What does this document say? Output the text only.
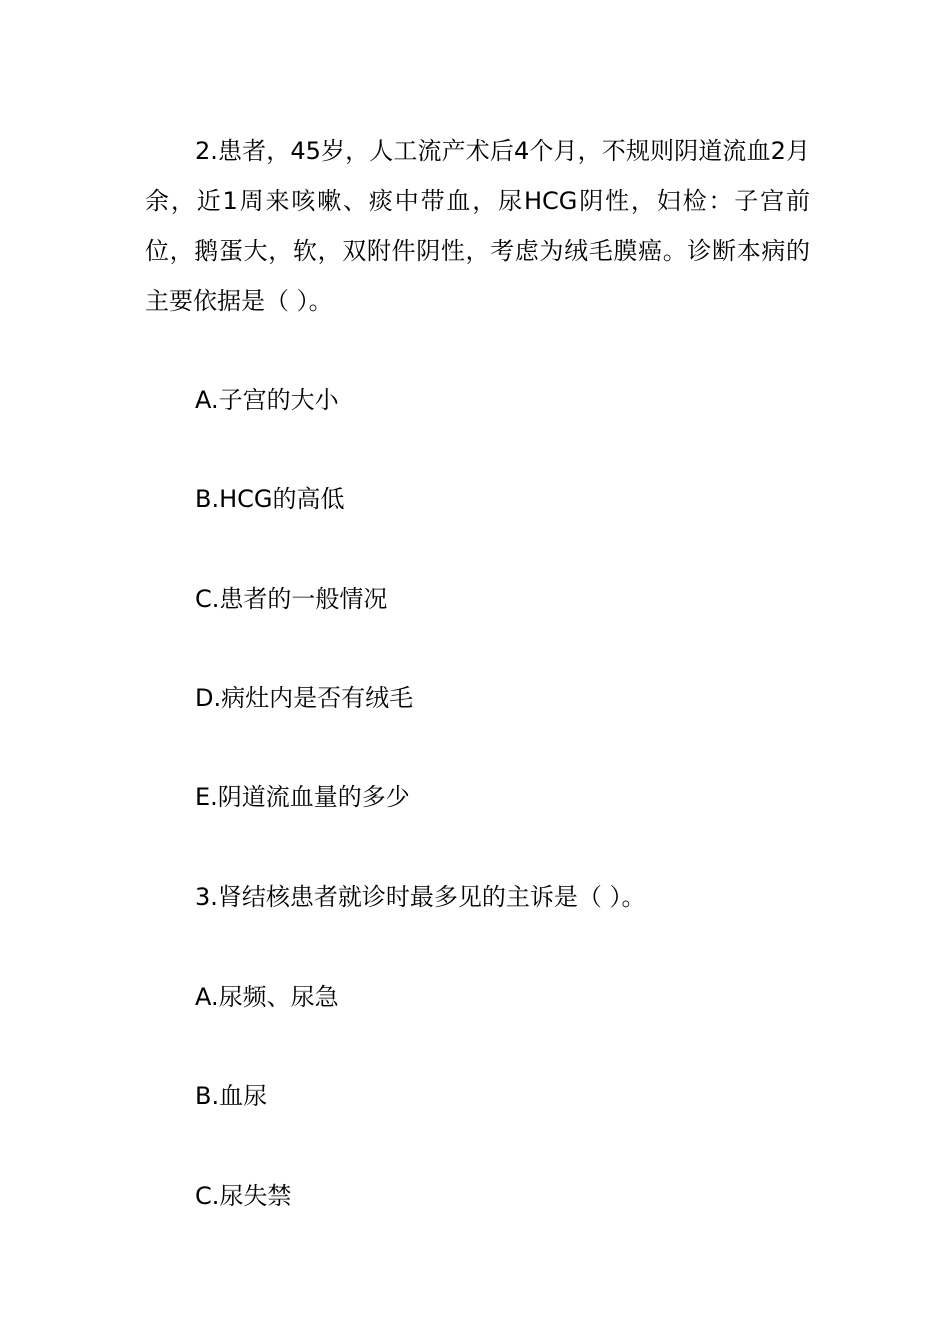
2.患者，45岁，人工流产术后4个月，不规则阴道流血2月余，近1周来咳嗽、痰中带血，尿HCG阴性，妇检：子宫前位，鹅蛋大，软，双附件阴性，考虑为绒毛膜癌。诊断本病的主要依据是（ ）。

A.子宫的大小

B.HCG的高低

C.患者的一般情况

D.病灶内是否有绒毛

E.阴道流血量的多少

3.肾结核患者就诊时最多见的主诉是（ ）。

A.尿频、尿急

B.血尿

C.尿失禁
